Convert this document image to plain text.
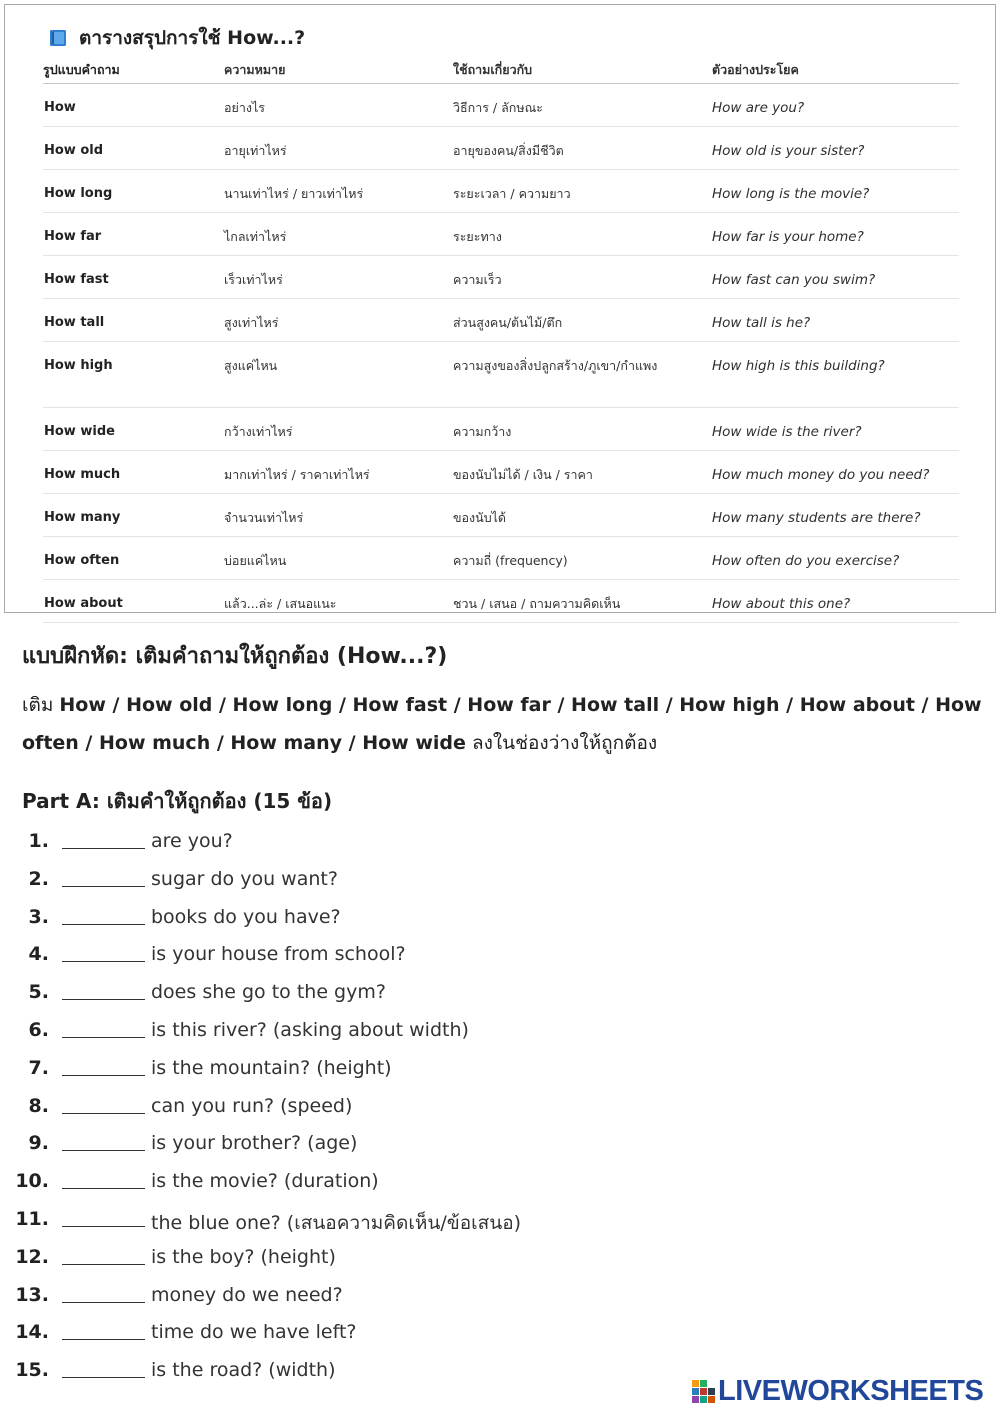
ตารางสรุปการใช้ How...?
รูปแบบคำถาม	ความหมาย	ใช้ถามเกี่ยวกับ	ตัวอย่างประโยค
How	อย่างไร	วิธีการ / ลักษณะ	How are you?
How old	อายุเท่าไหร่	อายุของคน/สิ่งมีชีวิต	How old is your sister?
How long	นานเท่าไหร่ / ยาวเท่าไหร่	ระยะเวลา / ความยาว	How long is the movie?
How far	ไกลเท่าไหร่	ระยะทาง	How far is your home?
How fast	เร็วเท่าไหร่	ความเร็ว	How fast can you swim?
How tall	สูงเท่าไหร่	ส่วนสูงคน/ต้นไม้/ตึก	How tall is he?
How high	สูงแค่ไหน	ความสูงของสิ่งปลูกสร้าง/ภูเขา/กำแพง	How high is this building?
How wide	กว้างเท่าไหร่	ความกว้าง	How wide is the river?
How much	มากเท่าไหร่ / ราคาเท่าไหร่	ของนับไม่ได้ / เงิน / ราคา	How much money do you need?
How many	จำนวนเท่าไหร่	ของนับได้	How many students are there?
How often	บ่อยแค่ไหน	ความถี่ (frequency)	How often do you exercise?
How about	แล้ว...ล่ะ / เสนอแนะ	ชวน / เสนอ / ถามความคิดเห็น	How about this one?
แบบฝึกหัด: เติมคำถามให้ถูกต้อง (How...?)
เติม How / How old / How long / How fast / How far / How tall / How high / How about / How often / How much / How many / How wide ลงในช่องว่างให้ถูกต้อง
Part A: เติมคำให้ถูกต้อง (15 ข้อ)
1.	are you?
2.	sugar do you want?
3.	books do you have?
4.	is your house from school?
5.	does she go to the gym?
6.	is this river? (asking about width)
7.	is the mountain? (height)
8.	can you run? (speed)
9.	is your brother? (age)
10.	is the movie? (duration)
11.	the blue one? (เสนอความคิดเห็น/ข้อเสนอ)
12.	is the boy? (height)
13.	money do we need?
14.	time do we have left?
15.	is the road? (width)
LIVEWORKSHEETS
